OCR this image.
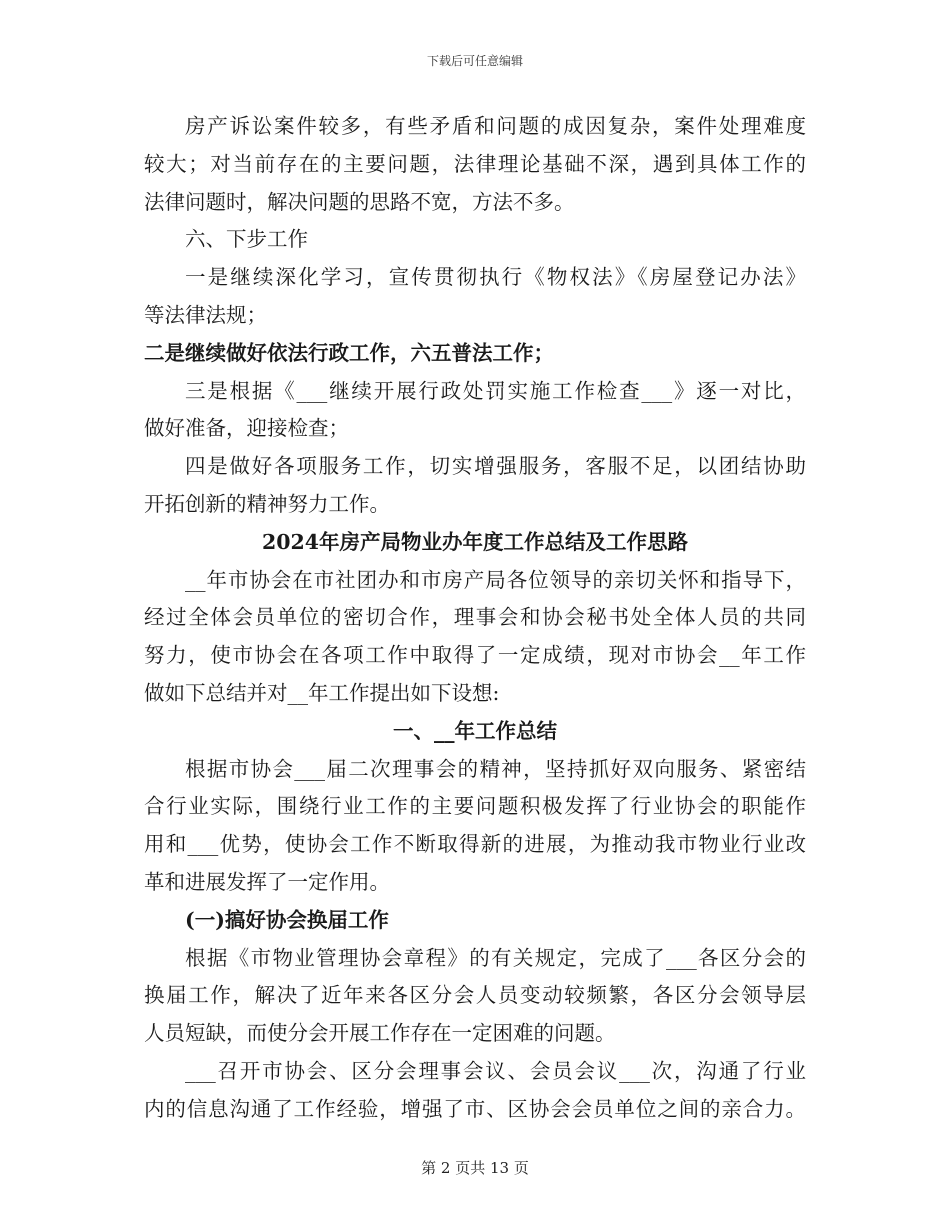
下载后可任意编辑
房产诉讼案件较多，有些矛盾和问题的成因复杂，案件处理难度
较大；对当前存在的主要问题，法律理论基础不深，遇到具体工作的
法律问题时，解决问题的思路不宽，方法不多。
六、下步工作
一是继续深化学习，宣传贯彻执行《物权法》《房屋登记办法》
等法律法规；
二是继续做好依法行政工作，六五普法工作；
三是根据《___继续开展行政处罚实施工作检查___》逐一对比，
做好准备，迎接检查；
四是做好各项服务工作，切实增强服务，客服不足，以团结协助
开拓创新的精神努力工作。
2024年房产局物业办年度工作总结及工作思路
__年市协会在市社团办和市房产局各位领导的亲切关怀和指导下，
经过全体会员单位的密切合作，理事会和协会秘书处全体人员的共同
努力，使市协会在各项工作中取得了一定成绩，现对市协会__年工作
做如下总结并对__年工作提出如下设想:
一、__年工作总结
根据市协会___届二次理事会的精神，坚持抓好双向服务、紧密结
合行业实际，围绕行业工作的主要问题积极发挥了行业协会的职能作
用和___优势，使协会工作不断取得新的进展，为推动我市物业行业改
革和进展发挥了一定作用。
(一)搞好协会换届工作
根据《市物业管理协会章程》的有关规定，完成了___各区分会的
换届工作，解决了近年来各区分会人员变动较频繁，各区分会领导层
人员短缺，而使分会开展工作存在一定困难的问题。
___召开市协会、区分会理事会议、会员会议___次，沟通了行业
内的信息沟通了工作经验，增强了市、区协会会员单位之间的亲合力。
第 2 页共 13 页
